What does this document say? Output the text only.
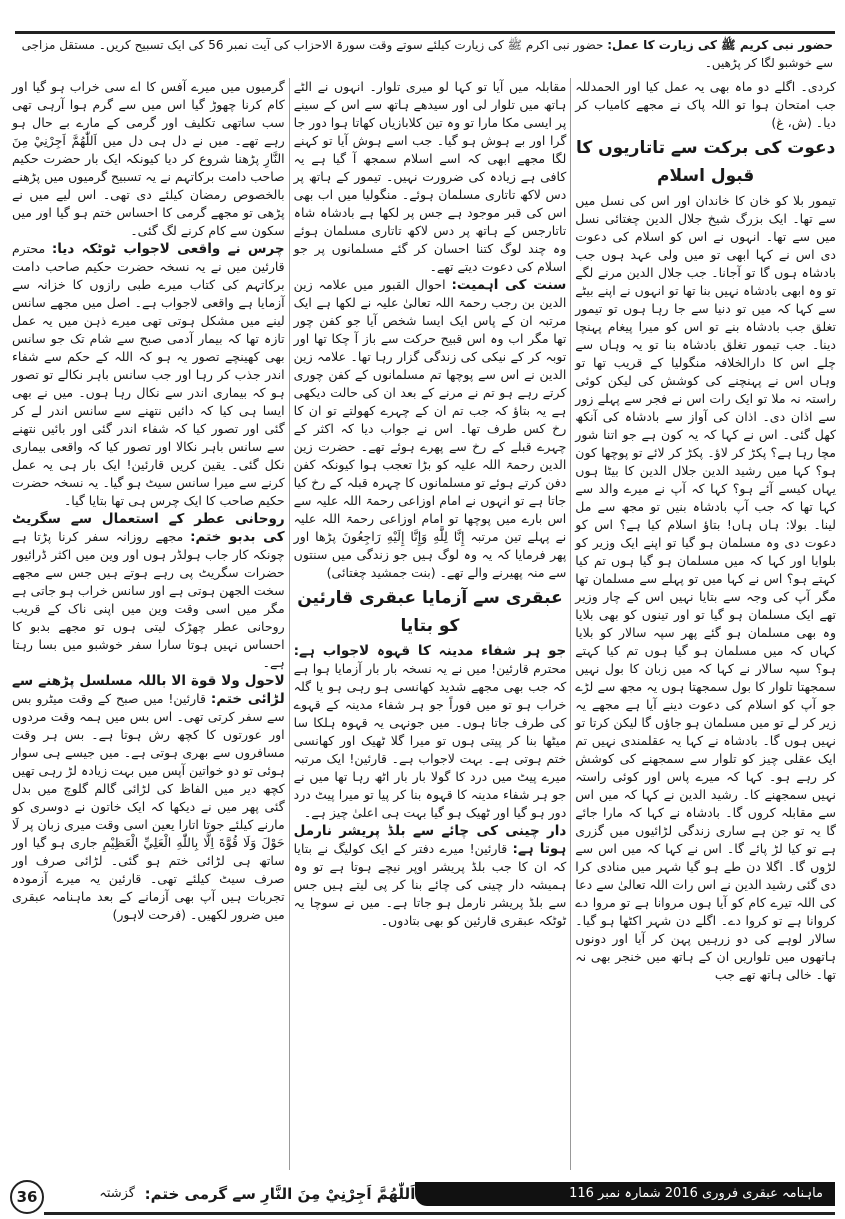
حضور نبی کریم ﷺ کی زیارت کا عمل: حضور نبی اکرم ﷺ کی زیارت کیلئے سوتے وقت سورۃ الاحزاب کی آیت نمبر 56 کی ایک تسبیح کریں۔ مستقل مزاجی سے خوشبو لگا کر پڑھیں۔

کردی۔ اگلے دو ماہ بھی یہ عمل کیا اور الحمدللہ جب امتحان ہوا تو اللہ پاک نے مجھے کامیاب کر دیا۔ (ش، غ)

دعوت کی برکت سے تاتاریوں کا قبول اسلام

تیمور بلا کو خان کا خاندان اور اس کی نسل میں سے تھا۔ ایک بزرگ شیخ جلال الدین چغتائی نسل میں سے تھا۔ انہوں نے اس کو اسلام کی دعوت دی اس نے کہا ابھی تو میں ولی عہد ہوں جب بادشاہ ہوں گا تو آجانا۔ جب جلال الدین مرنے لگے تو وہ ابھی بادشاہ نہیں بنا تھا تو انہوں نے اپنے بیٹے سے کہا کہ میں تو دنیا سے جا رہا ہوں تو تیمور تغلق جب بادشاہ بنے تو اس کو میرا پیغام پہنچا دینا۔ جب تیمور تغلق بادشاہ بنا تو یہ وہاں سے چلے اس کا دارالخلافہ منگولیا کے قریب تھا تو وہاں اس نے پہنچنے کی کوشش کی لیکن کوئی راستہ نہ ملا تو ایک رات اس نے فجر سے پہلے زور سے اذان دی۔ اذان کی آواز سے بادشاہ کی آنکھ کھل گئی۔ اس نے کہا کہ یہ کون ہے جو اتنا شور مچا رہا ہے؟ پکڑ کر لاؤ۔ پکڑ کر لائے تو پوچھا کون ہو؟ کہا میں رشید الدین جلال الدین کا بیٹا ہوں یہاں کیسے آئے ہو؟ کہا کہ آپ نے میرے والد سے کہا تھا کہ جب آپ بادشاہ بنیں تو مجھ سے مل لینا۔ بولا: ہاں ہاں! بتاؤ اسلام کیا ہے؟ اس کو دعوت دی وہ مسلمان ہو گیا تو اپنے ایک وزیر کو بلوایا اور کہا کہ میں مسلمان ہو گیا ہوں تم کیا کہتے ہو؟ اس نے کہا میں تو پہلے سے مسلمان تھا مگر آپ کی وجہ سے بتایا نہیں اس کے چار وزیر تھے ایک مسلمان ہو گیا تو اور تینوں کو بھی بلایا وہ بھی مسلمان ہو گئے پھر سپہ سالار کو بلایا کہاں کہ میں مسلمان ہو گیا ہوں تم کیا کہتے ہو؟ سپہ سالار نے کہا کہ میں زبان کا بول نہیں سمجھتا تلوار کا بول سمجھتا ہوں یہ مجھ سے لڑے جو آپ کو اسلام کی دعوت دینے آیا ہے مجھے یہ زیر کر لے تو میں مسلمان ہو جاؤں گا لیکن کرتا تو نہیں ہوں گا۔ بادشاہ نے کہا یہ عقلمندی نہیں تم ایک عقلی چیز کو تلوار سے سمجھنے کی کوشش کر رہے ہو۔ کہا کہ میرے پاس اور کوئی راستہ نہیں سمجھنے کا۔ رشید الدین نے کہا کہ میں اس سے مقابلہ کروں گا۔ بادشاہ نے کہا کہ مارا جائے گا یہ تو جن ہے ساری زندگی لڑائیوں میں گزری ہے تو کیا لڑ پائے گا۔ اس نے کہا کہ میں اس سے لڑوں گا۔ اگلا دن طے ہو گیا شہر میں منادی کرا دی گئی رشید الدین نے اس رات اللہ تعالیٰ سے دعا کی اللہ تیرے کام کو آیا ہوں مروانا ہے تو مروا دے کروانا ہے تو کروا دے۔ اگلے دن شہر اکٹھا ہو گیا۔ سالار لوہے کی دو زرہیں پہن کر آیا اور دونوں ہاتھوں میں تلواریں ان کے ہاتھ میں خنجر بھی نہ تھا۔ خالی ہاتھ تھے جب

مقابلہ میں آیا تو کہا لو میری تلوار۔ انہوں نے الٹے ہاتھ میں تلوار لی اور سیدھے ہاتھ سے اس کے سینے پر ایسی مکا مارا تو وہ تین کلابازیاں کھاتا ہوا دور جا گرا اور بے ہوش ہو گیا۔ جب اسے ہوش آیا تو کہنے لگا مجھے ابھی کہ اسے اسلام سمجھ آ گیا ہے یہ کافی ہے زیادہ کی ضرورت نہیں۔ تیمور کے ہاتھ پر دس لاکھ تاتاری مسلمان ہوئے۔ منگولیا میں اب بھی اس کی قبر موجود ہے جس پر لکھا ہے بادشاہ شاہ تاتارجس کے ہاتھ پر دس لاکھ تاتاری مسلمان ہوئے وہ چند لوگ کتنا احسان کر گئے مسلمانوں پر جو اسلام کی دعوت دیتے تھے۔

سنت کی اہمیت: احوال القبور میں علامہ زین الدین بن رجب رحمۃ اللہ تعالیٰ علیہ نے لکھا ہے ایک مرتبہ ان کے پاس ایک ایسا شخص آیا جو کفن چور تھا مگر اب وہ اس قبیح حرکت سے باز آ چکا تھا اور توبہ کر کے نیکی کی زندگی گزار رہا تھا۔ علامہ زین الدین نے اس سے پوچھا تم مسلمانوں کے کفن چوری کرتے رہے ہو تم نے مرنے کے بعد ان کی حالت دیکھی ہے یہ بتاؤ کہ جب تم ان کے چہرے کھولتے تو ان کا رخ کس طرف تھا۔ اس نے جواب دیا کہ اکثر کے چہرے قبلے کے رخ سے پھرے ہوئے تھے۔ حضرت زین الدین رحمۃ اللہ علیہ کو بڑا تعجب ہوا کیونکہ کفن دفن کرتے ہوئے تو مسلمانوں کا چہرہ قبلہ کے رخ کیا جاتا ہے تو انہوں نے امام اوزاعی رحمۃ اللہ علیہ سے اس بارے میں پوچھا تو امام اوزاعی رحمۃ اللہ علیہ نے پہلے تین مرتبہ إِنَّا لِلَّٰهِ وَإِنَّا إِلَيْهِ رَاجِعُونَ پڑھا اور پھر فرمایا کہ یہ وہ لوگ ہیں جو زندگی میں سنتوں سے منہ پھیرنے والے تھے۔ (بنت جمشید چغتائی)

عبقری سے آزمایا عبقری قارئین کو بتایا

جو ہر شفاء مدینہ کا قہوہ لاجواب ہے: محترم قارئین! میں نے یہ نسخہ بار بار آزمایا ہوا ہے کہ جب بھی مجھے شدید کھانسی ہو رہی ہو یا گلہ خراب ہو تو میں فوراً جو ہر شفاء مدینہ کے قہوے کی طرف جاتا ہوں۔ میں جونہی یہ قہوہ ہلکا سا میٹھا بنا کر پیتی ہوں تو میرا گلا ٹھیک اور کھانسی ختم ہوتی ہے۔ بہت لاجواب ہے۔ قارئین! ایک مرتبہ میرے پیٹ میں درد کا گولا بار بار اٹھ رہا تھا میں نے جو ہر شفاء مدینہ کا قہوہ بنا کر پیا تو میرا پیٹ درد دور ہو گیا اور ٹھیک ہو گیا بہت ہی اعلیٰ چیز ہے۔

دار چینی کی چائے سے بلڈ پریشر نارمل ہوتا ہے: قارئین! میرے دفتر کے ایک کولیگ نے بتایا کہ ان کا جب بلڈ پریشر اوپر نیچے ہوتا ہے تو وہ ہمیشہ دار چینی کی چائے بنا کر پی لیتے ہیں جس سے بلڈ پریشر نارمل ہو جاتا ہے۔ میں نے سوچا یہ ٹوٹکہ عبقری قارئین کو بھی بتادوں۔

گرمیوں میں میرے آفس کا اے سی خراب ہو گیا اور کام کرنا چھوڑ گیا اس میں سے گرم ہوا آرہی تھی سب ساتھی تکلیف اور گرمی کے مارے بے حال ہو رہے تھے۔ میں نے دل ہی دل میں اَللّٰهُمَّ اَجِرْنِيْ مِنَ النَّارِ پڑھنا شروع کر دیا کیونکہ ایک بار حضرت حکیم صاحب دامت برکاتہم نے یہ تسبیح گرمیوں میں پڑھنے بالخصوص رمضان کیلئے دی تھی۔ اس لیے میں نے پڑھی تو مجھے گرمی کا احساس ختم ہو گیا اور میں سکون سے کام کرنے لگ گئی۔

چرس نے واقعی لاجواب ٹوٹکہ دیا: محترم قارئین میں نے یہ نسخہ حضرت حکیم صاحب دامت برکاتہم کی کتاب میرے طبی رازوں کا خزانہ سے آزمایا ہے واقعی لاجواب ہے۔ اصل میں مجھے سانس لینے میں مشکل ہوتی تھی میرے ذہن میں یہ عمل تازہ تھا کہ بیمار آدمی صبح سے شام تک جو سانس بھی کھینچے تصور یہ ہو کہ اللہ کے حکم سے شفاء اندر جذب کر رہا اور جب سانس باہر نکالے تو تصور ہو کہ بیماری اندر سے نکال رہا ہوں۔ میں نے بھی ایسا ہی کیا کہ دائیں نتھنے سے سانس اندر لے کر گئی اور تصور کیا کہ شفاء اندر گئی اور بائیں نتھنے سے سانس باہر نکالا اور تصور کیا کہ واقعی بیماری نکل گئی۔ یقین کریں قارئین! ایک بار ہی یہ عمل کرنے سے میرا سانس سیٹ ہو گیا۔ یہ نسخہ حضرت حکیم صاحب کا ایک چرس ہی تھا بتایا گیا۔

روحانی عطر کے استعمال سے سگریٹ کی بدبو ختم: مجھے روزانہ سفر کرنا پڑتا ہے چونکہ کار جاب ہولڈر ہوں اور وین میں اکثر ڈرائیور حضرات سگریٹ پی رہے ہوتے ہیں جس سے مجھے سخت الجھن ہوتی ہے اور سانس خراب ہو جاتی ہے مگر میں اسی وقت وین میں اپنی ناک کے قریب روحانی عطر چھڑک لیتی ہوں تو مجھے بدبو کا احساس نہیں ہوتا سارا سفر خوشبو میں بسا رہتا ہے۔

لاحول ولا قوة الا باللہ مسلسل پڑھنے سے لڑائی ختم: قارئین! میں صبح کے وقت میٹرو بس سے سفر کرتی تھی۔ اس بس میں ہمہ وقت مردوں اور عورتوں کا کچھ رش ہوتا ہے۔ بس ہر وقت مسافروں سے بھری ہوتی ہے۔ میں جیسے ہی سوار ہوئی تو دو خواتین آپس میں بہت زیادہ لڑ رہی تھیں کچھ دیر میں الفاظ کی لڑائی گالم گلوچ میں بدل گئی پھر میں نے دیکھا کہ ایک خاتون نے دوسری کو مارنے کیلئے جوتا اتارا یعین اسی وقت میری زبان پر لَا حَوْلَ وَلَا قُوَّةَ اِلَّا بِاللّٰهِ الْعَلِيِّ الْعَظِيْمِ جاری ہو گیا اور ساتھ ہی لڑائی ختم ہو گئی۔ لڑائی صرف اور صرف سیٹ کیلئے تھی۔ قارئین یہ میرے آزمودہ تجربات ہیں آپ بھی آزمانے کے بعد ماہنامہ عبقری میں ضرور لکھیں۔ (فرحت لاہور)

ماہنامہ عبقری فروری 2016 شمارہ نمبر 116
اَللّٰهُمَّ اَجِرْنِيْ مِنَ النَّارِ سے گرمی ختم:
گزشتہ
36
